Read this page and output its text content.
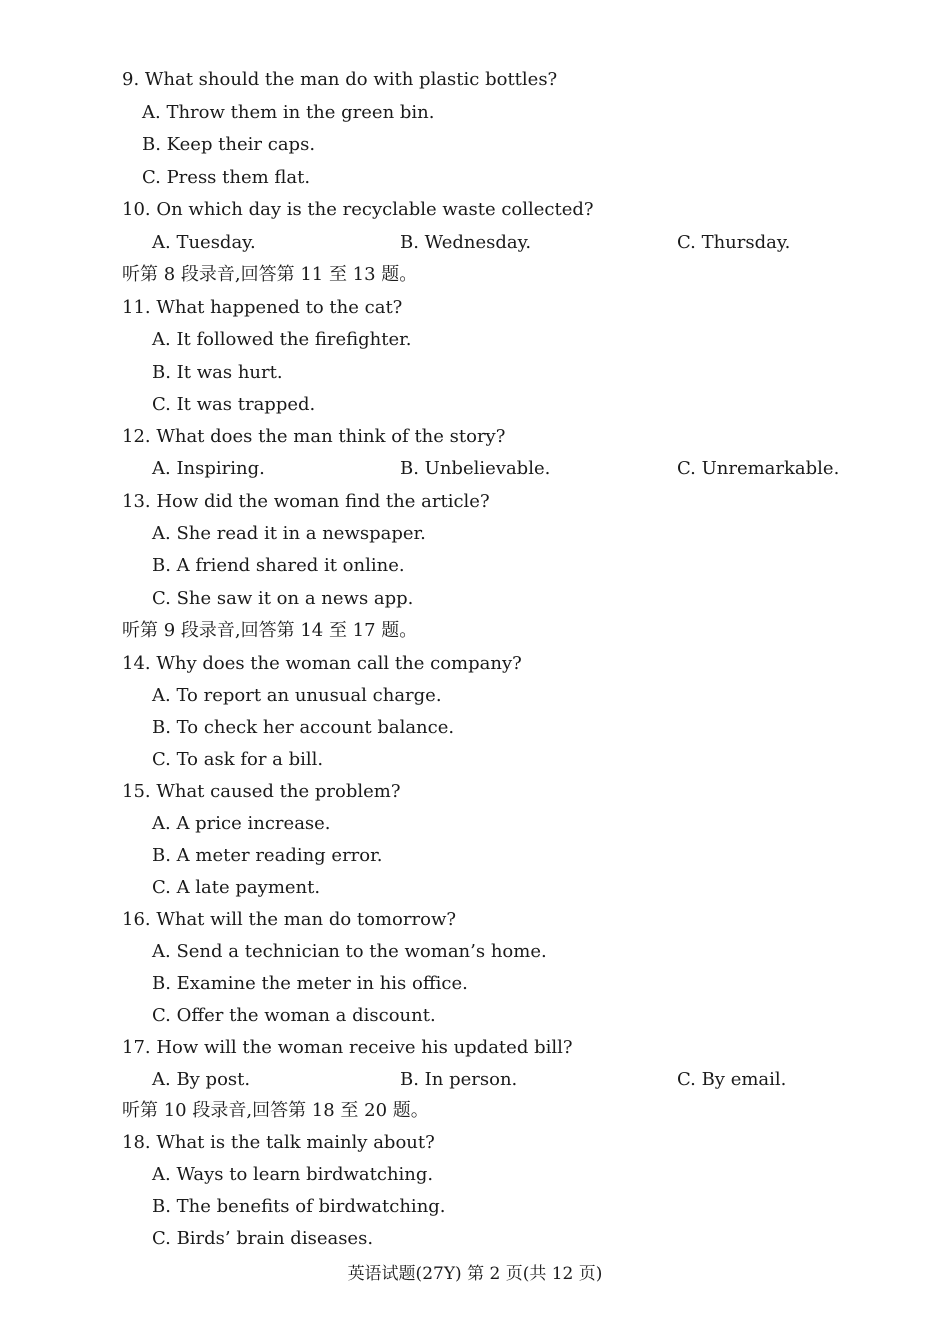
9. What should the man do with plastic bottles?
A. Throw them in the green bin.
B. Keep their caps.
C. Press them flat.
10. On which day is the recyclable waste collected?
A. Tuesday.	B. Wednesday.	C. Thursday.
听第 8 段录音,回答第 11 至 13 题。
11. What happened to the cat?
A. It followed the firefighter.
B. It was hurt.
C. It was trapped.
12. What does the man think of the story?
A. Inspiring.	B. Unbelievable.	C. Unremarkable.
13. How did the woman find the article?
A. She read it in a newspaper.
B. A friend shared it online.
C. She saw it on a news app.
听第 9 段录音,回答第 14 至 17 题。
14. Why does the woman call the company?
A. To report an unusual charge.
B. To check her account balance.
C. To ask for a bill.
15. What caused the problem?
A. A price increase.
B. A meter reading error.
C. A late payment.
16. What will the man do tomorrow?
A. Send a technician to the woman’s home.
B. Examine the meter in his office.
C. Offer the woman a discount.
17. How will the woman receive his updated bill?
A. By post.	B. In person.	C. By email.
听第 10 段录音,回答第 18 至 20 题。
18. What is the talk mainly about?
A. Ways to learn birdwatching.
B. The benefits of birdwatching.
C. Birds’ brain diseases.
英语试题(27Y) 第 2 页(共 12 页)
